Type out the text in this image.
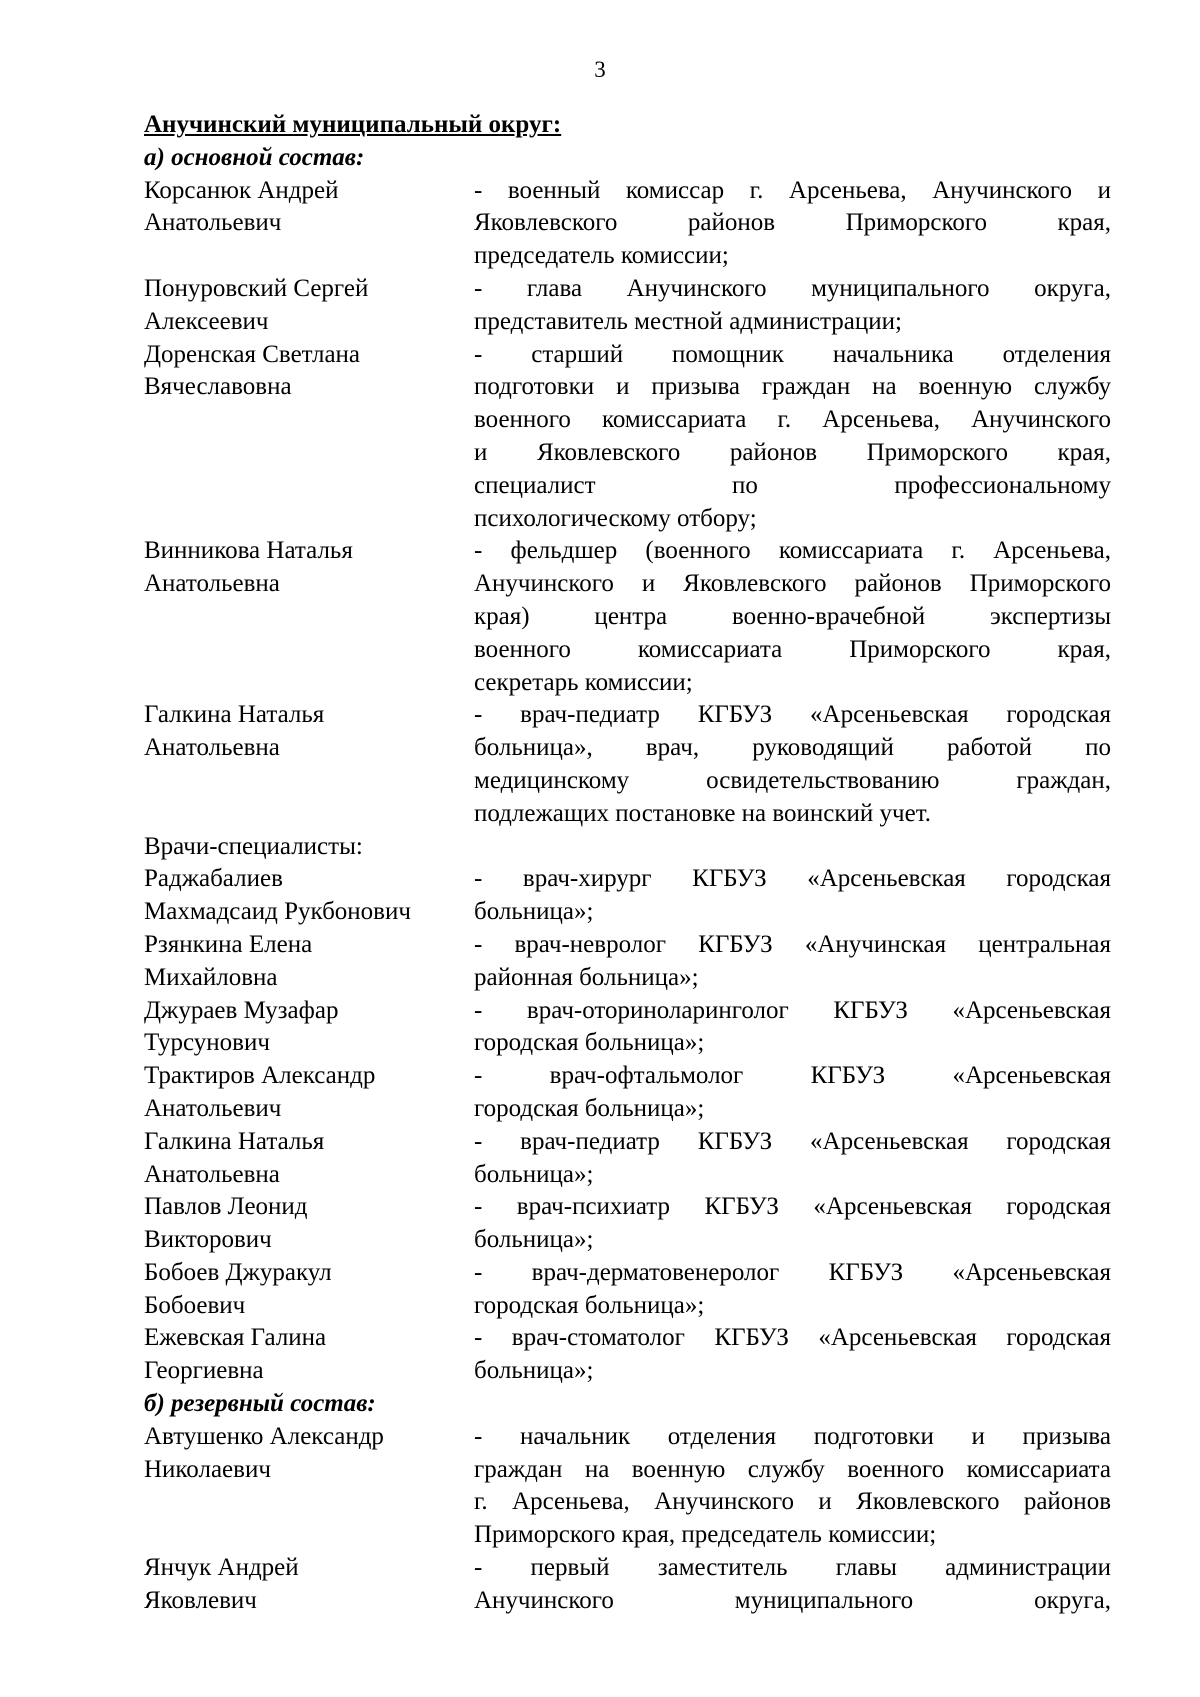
3
Анучинский муниципальный округ:
а) основной состав:
Корсанюк Андрей
Анатольевич
- военный комиссар г. Арсеньева, Анучинского и
Яковлевского районов Приморского края,
председатель комиссии;
Понуровский Сергей
Алексеевич
- глава Анучинского муниципального округа,
представитель местной администрации;
Доренская Светлана
Вячеславовна
- старший помощник начальника отделения
подготовки и призыва граждан на военную службу
военного комиссариата г. Арсеньева, Анучинского
и Яковлевского районов Приморского края,
специалист по профессиональному
психологическому отбору;
Винникова Наталья
Анатольевна
- фельдшер (военного комиссариата г. Арсеньева,
Анучинского и Яковлевского районов Приморского
края) центра военно-врачебной экспертизы
военного комиссариата Приморского края,
секретарь комиссии;
Галкина Наталья
Анатольевна
- врач-педиатр КГБУЗ «Арсеньевская городская
больница», врач, руководящий работой по
медицинскому освидетельствованию граждан,
подлежащих постановке на воинский учет.
Врачи-специалисты:
Раджабалиев
Махмадсаид Рукбонович
- врач-хирург КГБУЗ «Арсеньевская городская
больница»;
Рзянкина Елена
Михайловна
- врач-невролог КГБУЗ «Анучинская центральная
районная больница»;
Джураев Музафар
Турсунович
- врач-оториноларинголог КГБУЗ «Арсеньевская
городская больница»;
Трактиров Александр
Анатольевич
- врач-офтальмолог КГБУЗ «Арсеньевская
городская больница»;
Галкина Наталья
Анатольевна
- врач-педиатр КГБУЗ «Арсеньевская городская
больница»;
Павлов Леонид
Викторович
- врач-психиатр КГБУЗ «Арсеньевская городская
больница»;
Бобоев Джуракул
Бобоевич
- врач-дерматовенеролог КГБУЗ «Арсеньевская
городская больница»;
Ежевская Галина
Георгиевна
- врач-стоматолог КГБУЗ «Арсеньевская городская
больница»;
б) резервный состав:
Автушенко Александр
Николаевич
- начальник отделения подготовки и призыва
граждан на военную службу военного комиссариата
г. Арсеньева, Анучинского и Яковлевского районов
Приморского края, председатель комиссии;
Янчук Андрей
Яковлевич
- первый заместитель главы администрации
Анучинского муниципального округа,
